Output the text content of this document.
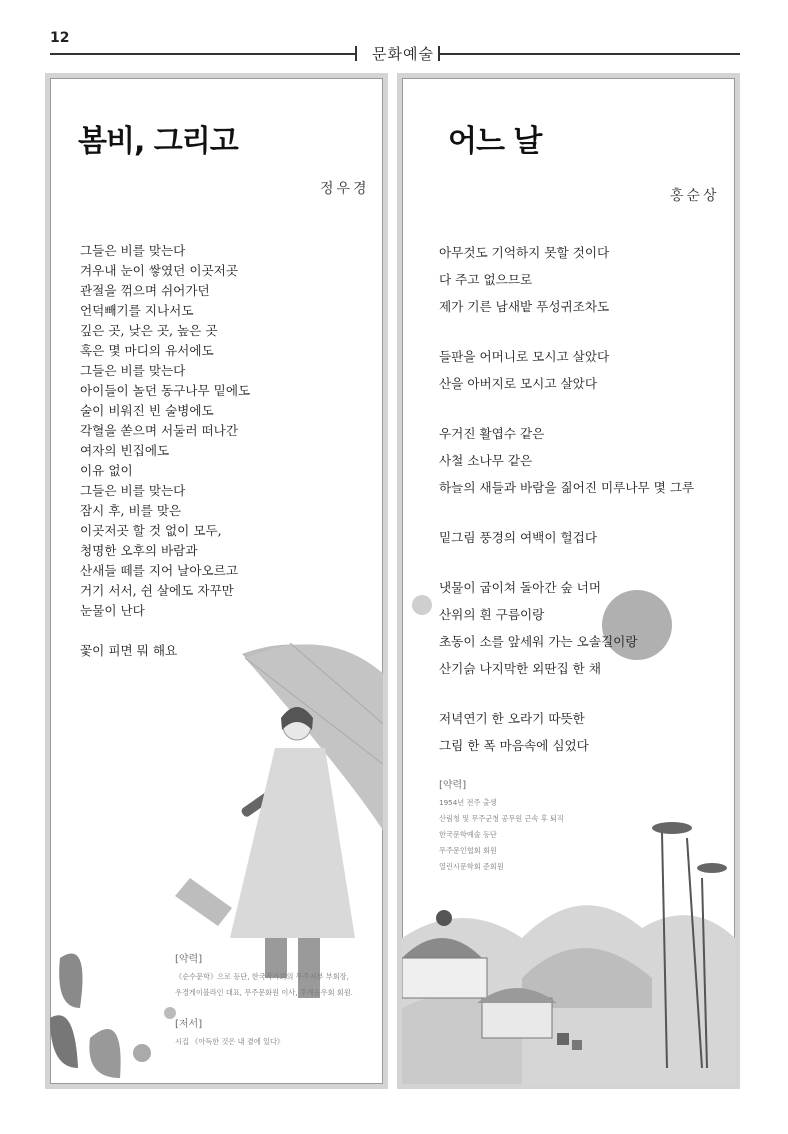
12
문화예술
봄비, 그리고
정우경
그들은 비를 맞는다
겨우내 눈이 쌓였던 이곳저곳
관절을 꺾으며 쉬어가던
언덕빼기를 지나서도
깊은 곳, 낮은 곳, 높은 곳
혹은 몇 마디의 유서에도
그들은 비를 맞는다
아이들이 놀던 동구나무 밑에도
술이 비워진 빈 술병에도
각혈을 쏟으며 서둘러 떠나간
여자의 빈집에도
이유 없이
그들은 비를 맞는다
잠시 후, 비를 맞은
이곳저곳 할 것 없이 모두,
청명한 오후의 바람과
산새들 떼를 지어 날아오르고
거기 서서, 쉰 살에도 자꾸만
눈물이 난다
꽃이 피면 뭐 해요
[약력]
《순수문학》으로 등단, 한국작가회의 무주지부 부회장,
우경게이블라인 대표, 무주문화원 이사, 주계음우회 회원.
[저서]
시집 《아득한 것은 내 곁에 있다》
어느 날
홍순상
아무것도 기억하지 못할 것이다
다 주고 없으므로
제가 기른 남새밭 푸성귀조차도
들판을 어머니로 모시고 살았다
산을 아버지로 모시고 살았다
우거진 활엽수 같은
사철 소나무 같은
하늘의 새들과 바람을 짊어진 미루나무 몇 그루
밑그림 풍경의 여백이 헐겁다
냇물이 굽이쳐 돌아간 숲 너머
산위의 흰 구름이랑
초동이 소를 앞세워 가는 오솔길이랑
산기슭 나지막한 외딴집 한 채
저녁연기 한 오라기 따뜻한
그림 한 폭 마음속에 심었다
[약력]
1954년 전주 출생
산림청 및 무주군청 공무원 근속 후 퇴직
한국문학예술 등단
무주문인협회 회원
열린시문학회 준회원
